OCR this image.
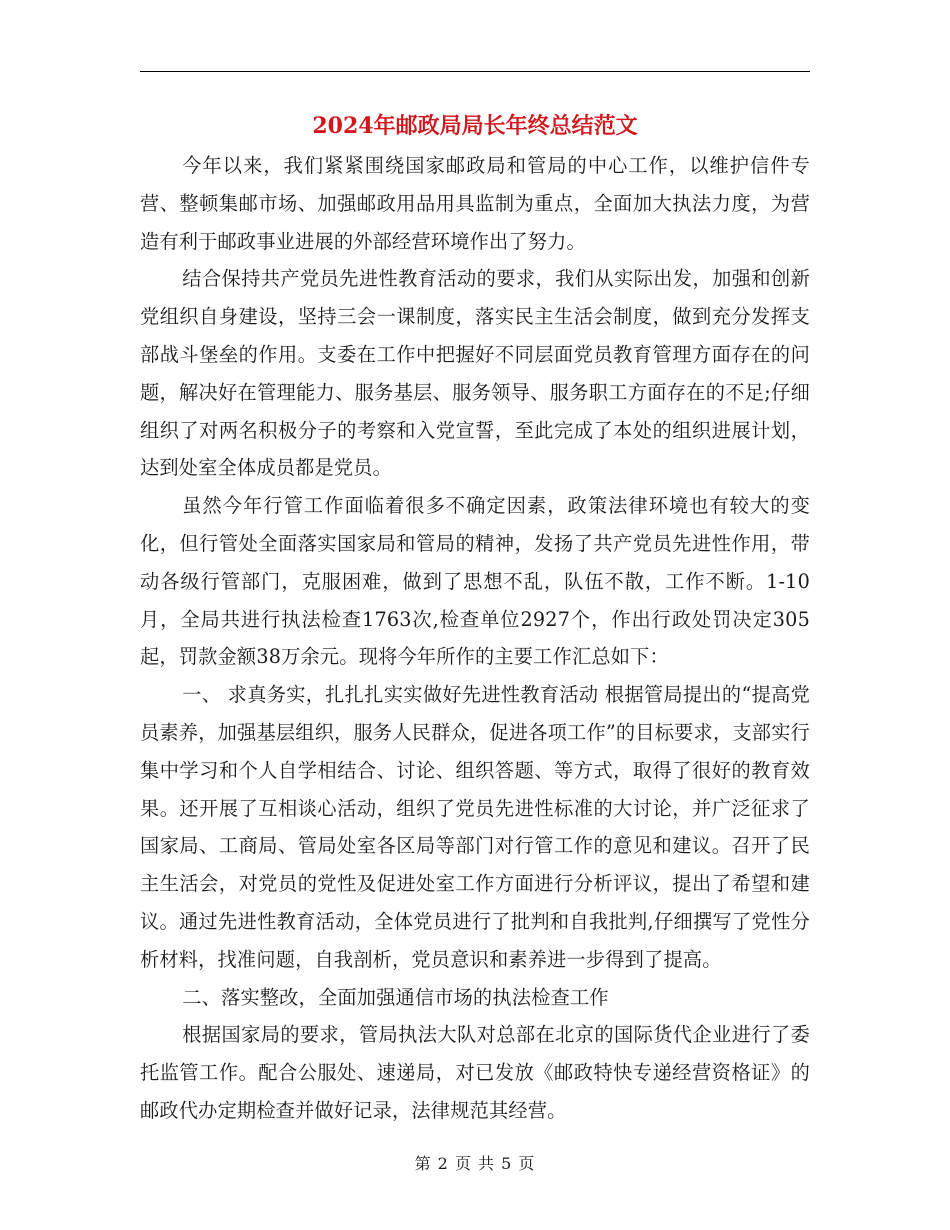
2024年邮政局局长年终总结范文

今年以来，我们紧紧围绕国家邮政局和管局的中心工作，以维护信件专营、整顿集邮市场、加强邮政用品用具监制为重点，全面加大执法力度，为营造有利于邮政事业进展的外部经营环境作出了努力。

结合保持共产党员先进性教育活动的要求，我们从实际出发，加强和创新党组织自身建设，坚持三会一课制度，落实民主生活会制度，做到充分发挥支部战斗堡垒的作用。支委在工作中把握好不同层面党员教育管理方面存在的问题，解决好在管理能力、服务基层、服务领导、服务职工方面存在的不足;仔细组织了对两名积极分子的考察和入党宣誓，至此完成了本处的组织进展计划，达到处室全体成员都是党员。

虽然今年行管工作面临着很多不确定因素，政策法律环境也有较大的变化，但行管处全面落实国家局和管局的精神，发扬了共产党员先进性作用，带动各级行管部门，克服困难，做到了思想不乱，队伍不散，工作不断。1-10月，全局共进行执法检查1763次,检查单位2927个，作出行政处罚决定305起，罚款金额38万余元。现将今年所作的主要工作汇总如下：

一、 求真务实，扎扎扎实实做好先进性教育活动 根据管局提出的“提高党员素养，加强基层组织，服务人民群众，促进各项工作”的目标要求，支部实行集中学习和个人自学相结合、讨论、组织答题、等方式，取得了很好的教育效果。还开展了互相谈心活动，组织了党员先进性标准的大讨论，并广泛征求了国家局、工商局、管局处室各区局等部门对行管工作的意见和建议。召开了民主生活会，对党员的党性及促进处室工作方面进行分析评议，提出了希望和建议。通过先进性教育活动，全体党员进行了批判和自我批判,仔细撰写了党性分析材料，找准问题，自我剖析，党员意识和素养进一步得到了提高。

二、落实整改，全面加强通信市场的执法检查工作

根据国家局的要求，管局执法大队对总部在北京的国际货代企业进行了委托监管工作。配合公服处、速递局，对已发放《邮政特快专递经营资格证》的邮政代办定期检查并做好记录，法律规范其经营。

第 2 页 共 5 页
